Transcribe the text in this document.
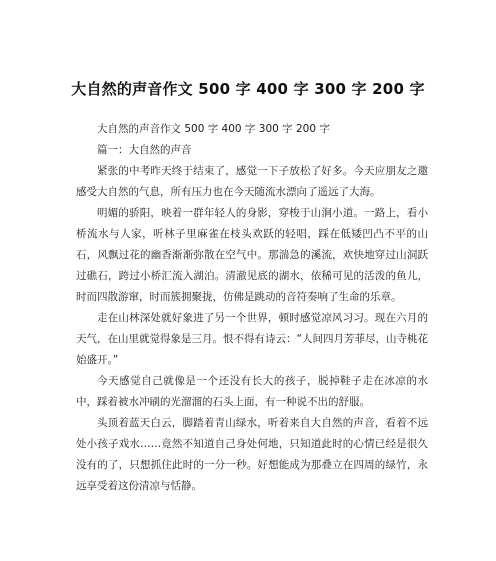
大自然的声音作文 500 字 400 字 300 字 200 字

大自然的声音作文 500 字 400 字 300 字 200 字

篇一：大自然的声音

紧张的中考昨天终于结束了，感觉一下子放松了好多。今天应朋友之邀感受大自然的气息，所有压力也在今天随流水漂向了遥远了大海。

明媚的骄阳，映着一群年轻人的身影，穿梭于山涧小道。一路上，看小桥流水与人家，听林子里麻雀在枝头欢跃的轻唱，踩在低矮凹凸不平的山石，风飘过花的幽香渐渐弥散在空气中。那湍急的溪流，欢快地穿过山洞跃过礁石，跨过小桥汇流入湖泊。清澈见底的湖水，依稀可见的活泼的鱼儿，时而四散游窜，时而簇拥聚拢，仿佛是跳动的音符奏响了生命的乐章。

走在山林深处就好象进了另一个世界，顿时感觉凉风习习。现在六月的天气，在山里就觉得象是三月。恨不得有诗云：“人间四月芳菲尽，山寺桃花始盛开。”

今天感觉自己就像是一个还没有长大的孩子，脱掉鞋子走在冰凉的水中，踩着被水冲刷的光溜溜的石头上面，有一种说不出的舒服。

头顶着蓝天白云，脚踏着青山绿水，听着来自大自然的声音，看着不远处小孩子戏水……竟然不知道自己身处何地，只知道此时的心情已经是很久没有的了，只想抓住此时的一分一秒。好想能成为那叠立在四周的绿竹，永远享受着这份清凉与恬静。
